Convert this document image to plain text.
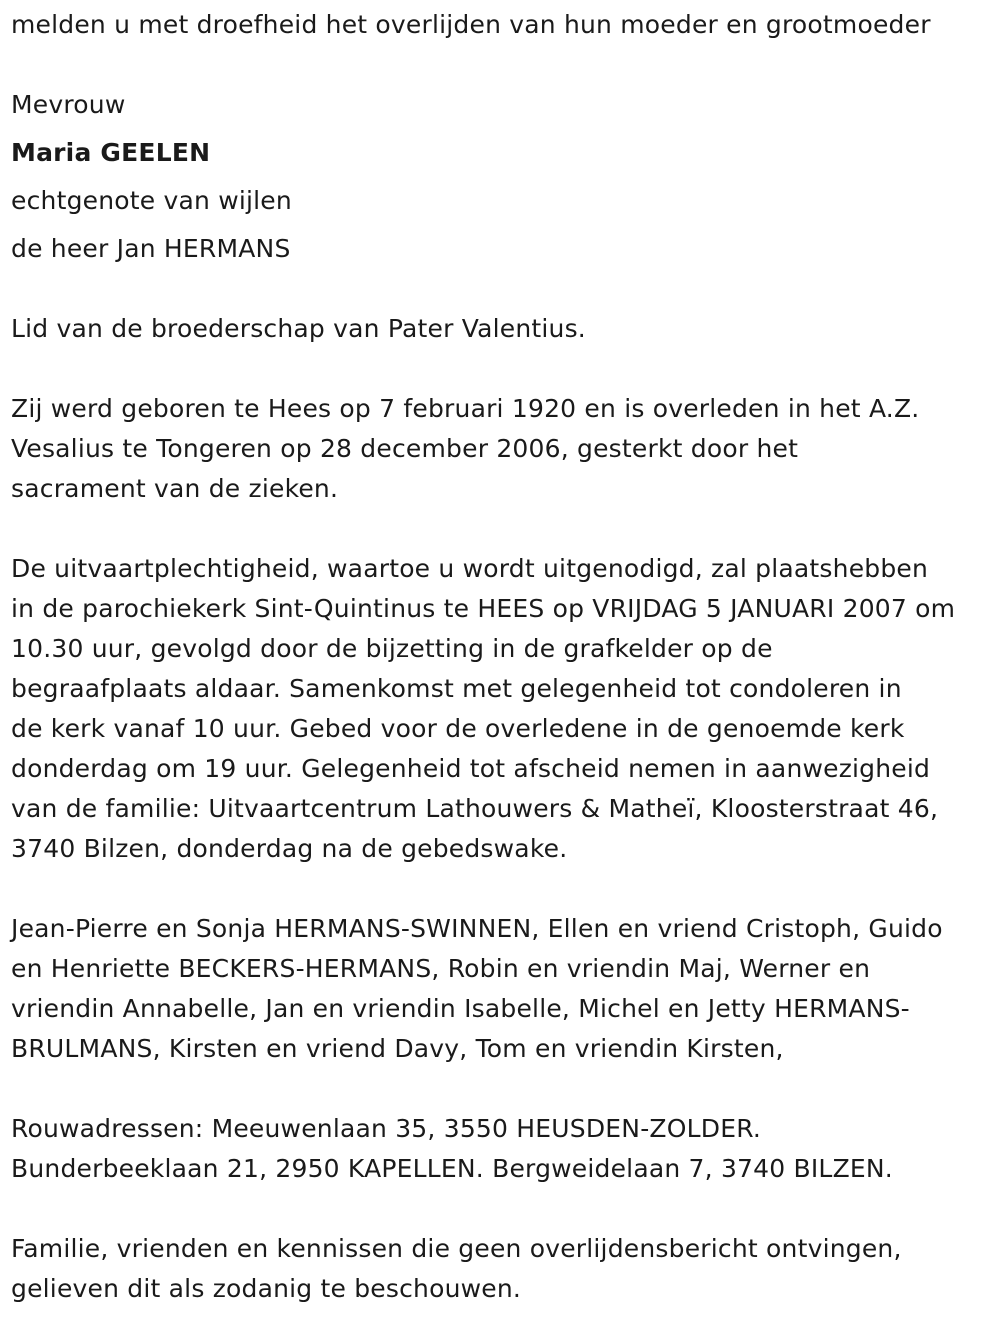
melden u met droefheid het overlijden van hun moeder en grootmoeder
Mevrouw
Maria GEELEN
echtgenote van wijlen
de heer Jan HERMANS
Lid van de broederschap van Pater Valentius.
Zij werd geboren te Hees op 7 februari 1920 en is overleden in het A.Z.
Vesalius te Tongeren op 28 december 2006, gesterkt door het
sacrament van de zieken.
De uitvaartplechtigheid, waartoe u wordt uitgenodigd, zal plaatshebben
in de parochiekerk Sint-Quintinus te HEES op VRIJDAG 5 JANUARI 2007 om
10.30 uur, gevolgd door de bijzetting in de grafkelder op de
begraafplaats aldaar. Samenkomst met gelegenheid tot condoleren in
de kerk vanaf 10 uur. Gebed voor de overledene in de genoemde kerk
donderdag om 19 uur. Gelegenheid tot afscheid nemen in aanwezigheid
van de familie: Uitvaartcentrum Lathouwers & Matheï, Kloosterstraat 46,
3740 Bilzen, donderdag na de gebedswake.
Jean-Pierre en Sonja HERMANS-SWINNEN, Ellen en vriend Cristoph, Guido
en Henriette BECKERS-HERMANS, Robin en vriendin Maj, Werner en
vriendin Annabelle, Jan en vriendin Isabelle, Michel en Jetty HERMANS-
BRULMANS, Kirsten en vriend Davy, Tom en vriendin Kirsten,
Rouwadressen: Meeuwenlaan 35, 3550 HEUSDEN-ZOLDER.
Bunderbeeklaan 21, 2950 KAPELLEN. Bergweidelaan 7, 3740 BILZEN.
Familie, vrienden en kennissen die geen overlijdensbericht ontvingen,
gelieven dit als zodanig te beschouwen.
